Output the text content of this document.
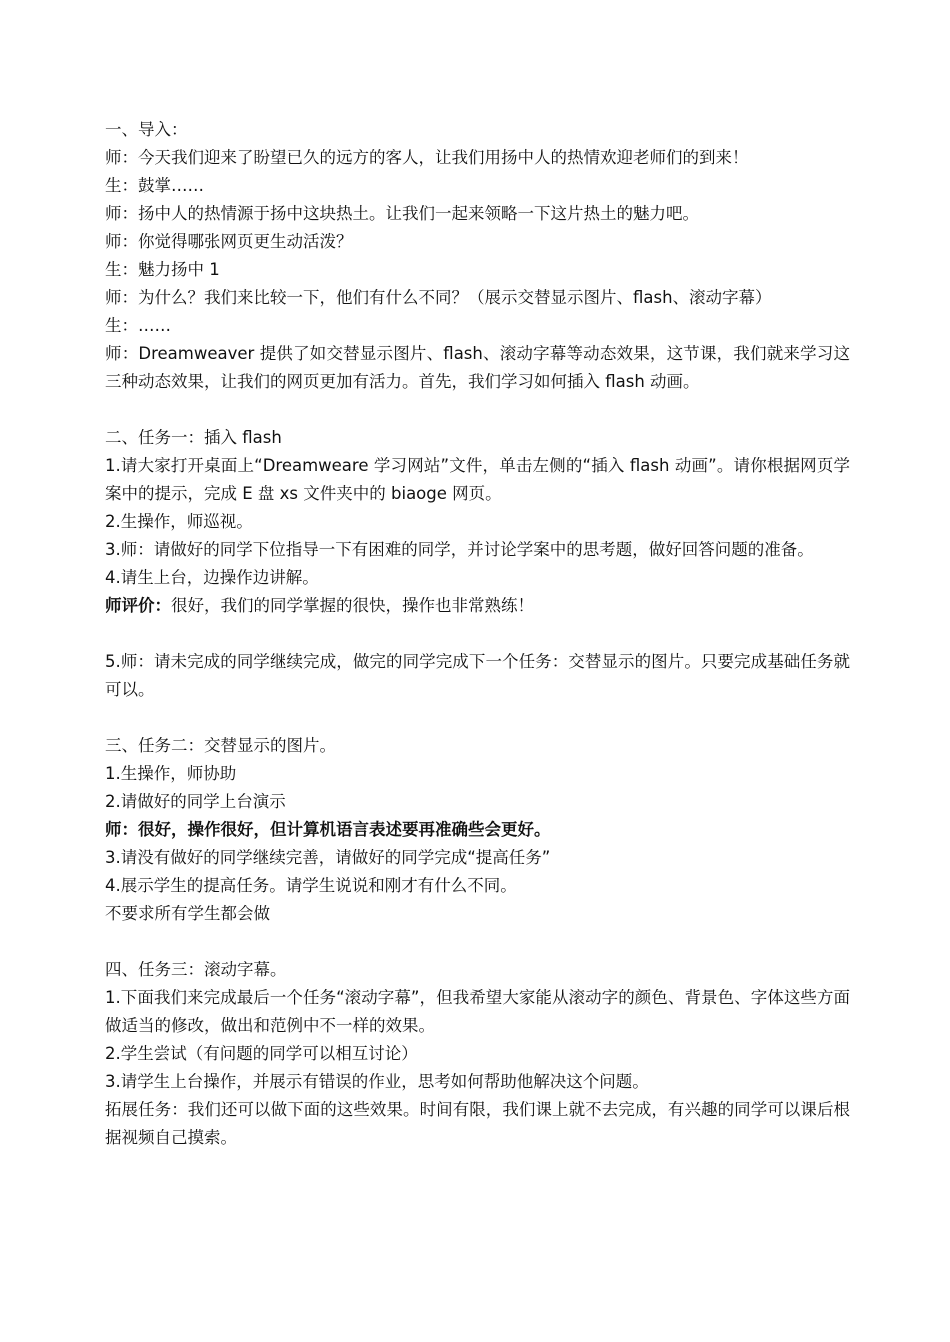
一、导入：
师：今天我们迎来了盼望已久的远方的客人，让我们用扬中人的热情欢迎老师们的到来！
生：鼓掌……
师：扬中人的热情源于扬中这块热土。让我们一起来领略一下这片热土的魅力吧。
师：你觉得哪张网页更生动活泼？
生：魅力扬中 1
师：为什么？我们来比较一下，他们有什么不同？（展示交替显示图片、flash、滚动字幕）
生：……
师：Dreamweaver 提供了如交替显示图片、flash、滚动字幕等动态效果，这节课，我们就来学习这三种动态效果，让我们的网页更加有活力。首先，我们学习如何插入 flash 动画。
二、任务一：插入 flash
1.请大家打开桌面上“Dreamweare 学习网站”文件，单击左侧的“插入 flash 动画”。请你根据网页学案中的提示，完成 E 盘 xs 文件夹中的 biaoge 网页。
2.生操作，师巡视。
3.师：请做好的同学下位指导一下有困难的同学，并讨论学案中的思考题，做好回答问题的准备。
4.请生上台，边操作边讲解。
师评价：很好，我们的同学掌握的很快，操作也非常熟练！
5.师：请未完成的同学继续完成，做完的同学完成下一个任务：交替显示的图片。只要完成基础任务就可以。
三、任务二：交替显示的图片。
1.生操作，师协助
2.请做好的同学上台演示
师：很好，操作很好，但计算机语言表述要再准确些会更好。
3.请没有做好的同学继续完善，请做好的同学完成“提高任务”
4.展示学生的提高任务。请学生说说和刚才有什么不同。
不要求所有学生都会做
四、任务三：滚动字幕。
1.下面我们来完成最后一个任务“滚动字幕”，但我希望大家能从滚动字的颜色、背景色、字体这些方面做适当的修改，做出和范例中不一样的效果。
2.学生尝试（有问题的同学可以相互讨论）
3.请学生上台操作，并展示有错误的作业，思考如何帮助他解决这个问题。
拓展任务：我们还可以做下面的这些效果。时间有限，我们课上就不去完成，有兴趣的同学可以课后根据视频自己摸索。
